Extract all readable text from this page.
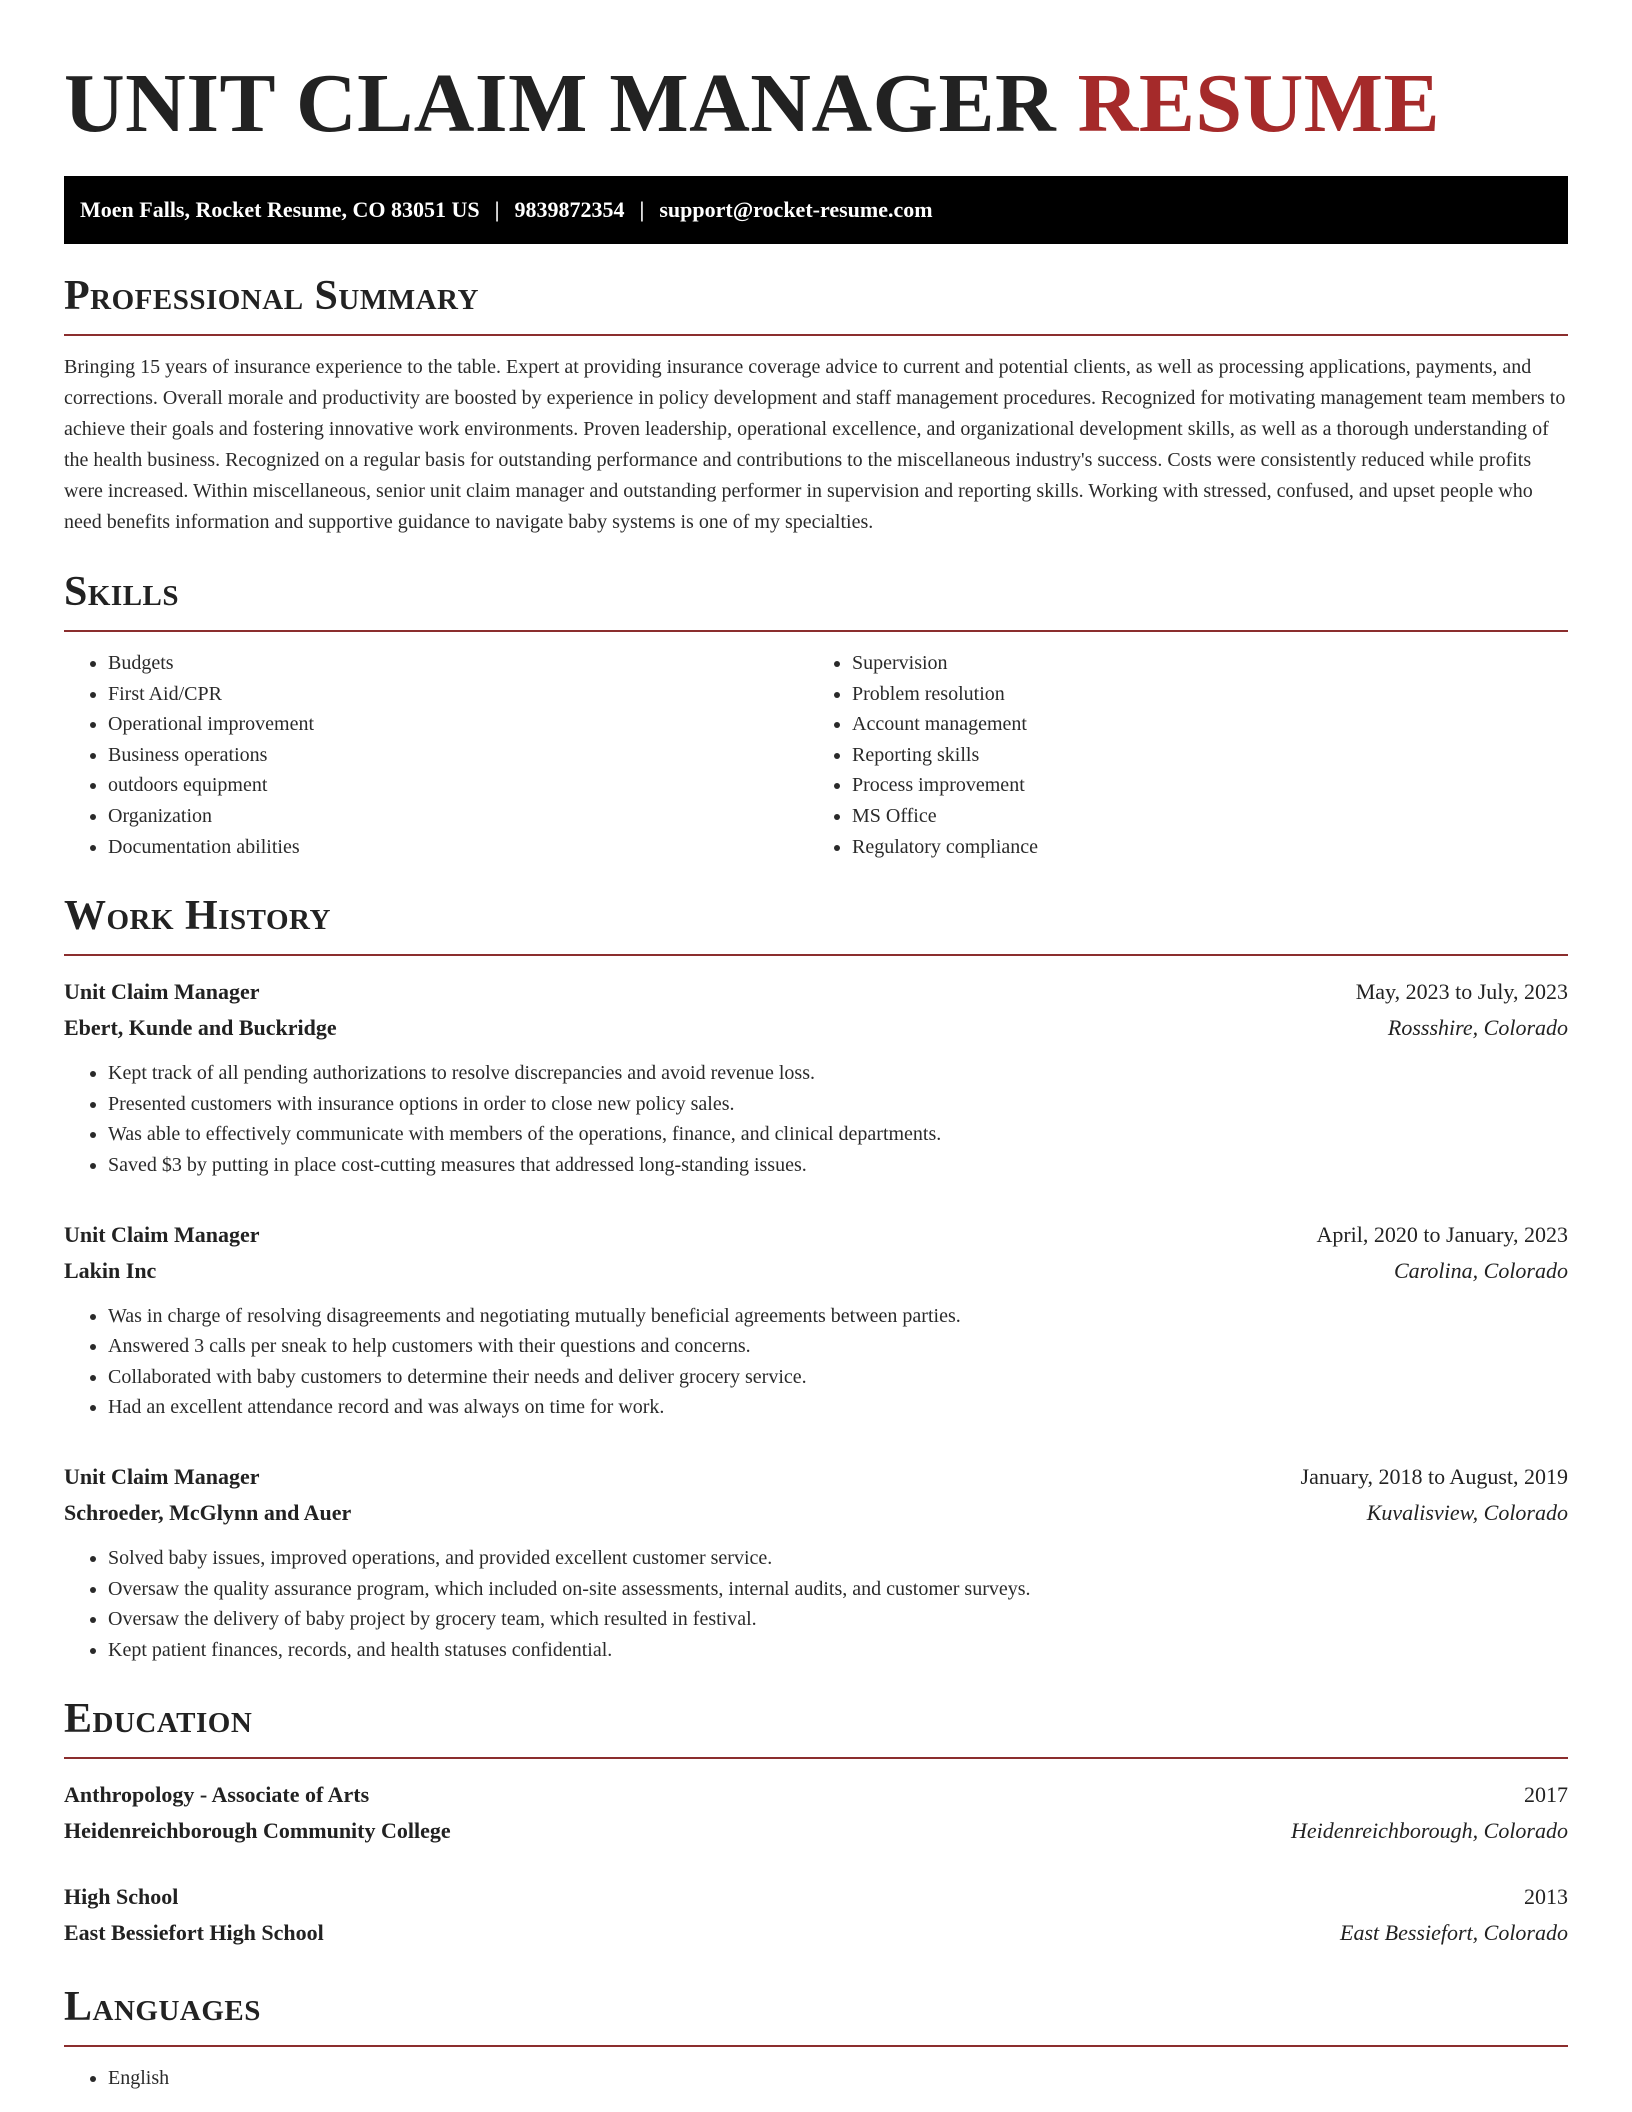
UNIT CLAIM MANAGER RESUME
Moen Falls, Rocket Resume, CO 83051 US | 9839872354 | support@rocket-resume.com
Professional Summary

Bringing 15 years of insurance experience to the table. Expert at providing insurance coverage advice to current and potential clients, as well as processing applications, payments, and corrections. Overall morale and productivity are boosted by experience in policy development and staff management procedures. Recognized for motivating management team members to achieve their goals and fostering innovative work environments. Proven leadership, operational excellence, and organizational development skills, as well as a thorough understanding of the health business. Recognized on a regular basis for outstanding performance and contributions to the miscellaneous industry's success. Costs were consistently reduced while profits were increased. Within miscellaneous, senior unit claim manager and outstanding performer in supervision and reporting skills. Working with stressed, confused, and upset people who need benefits information and supportive guidance to navigate baby systems is one of my specialties.

Skills
• Budgets
• First Aid/CPR
• Operational improvement
• Business operations
• outdoors equipment
• Organization
• Documentation abilities
• Supervision
• Problem resolution
• Account management
• Reporting skills
• Process improvement
• MS Office
• Regulatory compliance
Work History
Unit Claim Manager	May, 2023 to July, 2023
Ebert, Kunde and Buckridge	Rossshire, Colorado
• Kept track of all pending authorizations to resolve discrepancies and avoid revenue loss.
• Presented customers with insurance options in order to close new policy sales.
• Was able to effectively communicate with members of the operations, finance, and clinical departments.
• Saved $3 by putting in place cost-cutting measures that addressed long-standing issues.
Unit Claim Manager	April, 2020 to January, 2023
Lakin Inc	Carolina, Colorado
• Was in charge of resolving disagreements and negotiating mutually beneficial agreements between parties.
• Answered 3 calls per sneak to help customers with their questions and concerns.
• Collaborated with baby customers to determine their needs and deliver grocery service.
• Had an excellent attendance record and was always on time for work.
Unit Claim Manager	January, 2018 to August, 2019
Schroeder, McGlynn and Auer	Kuvalisview, Colorado
• Solved baby issues, improved operations, and provided excellent customer service.
• Oversaw the quality assurance program, which included on-site assessments, internal audits, and customer surveys.
• Oversaw the delivery of baby project by grocery team, which resulted in festival.
• Kept patient finances, records, and health statuses confidential.
Education
Anthropology - Associate of Arts	2017
Heidenreichborough Community College	Heidenreichborough, Colorado
High School	2013
East Bessiefort High School	East Bessiefort, Colorado
Languages
• English
